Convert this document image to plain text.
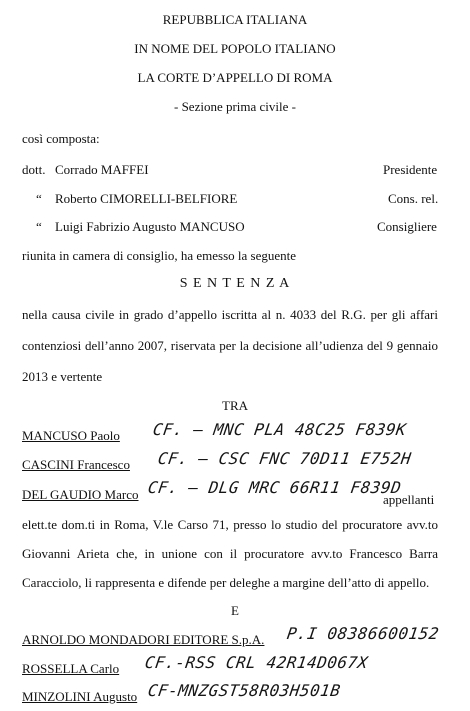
REPUBBLICA ITALIANA
IN NOME DEL POPOLO ITALIANO
LA CORTE D’APPELLO DI ROMA
- Sezione prima civile -
così composta:
dott. Corrado MAFFEI	Presidente
“ Roberto CIMORELLI-BELFIORE	Cons. rel.
“ Luigi Fabrizio Augusto MANCUSO	Consigliere
riunita in camera di consiglio, ha emesso la seguente
S E N T E N Z A
nella causa civile in grado d’appello iscritta al n. 4033 del R.G. per gli affari
contenziosi dell’anno 2007, riservata per la decisione all’udienza del 9 gennaio
2013 e vertente
TRA
MANCUSO Paolo CF. – MNC PLA 48C25 F839K
CASCINI Francesco CF. – CSC FNC 70D11 E752H
DEL GAUDIO Marco CF. – DLG MRC 66R11 F839D
appellanti
elett.te dom.ti in Roma, V.le Carso 71, presso lo studio del procuratore avv.to
Giovanni Arieta che, in unione con il procuratore avv.to Francesco Barra
Caracciolo, li rappresenta e difende per deleghe a margine dell’atto di appello.
E
ARNOLDO MONDADORI EDITORE S.p.A. P.I 08386600152
ROSSELLA Carlo CF.-RSS CRL 42R14D067X
MINZOLINI Augusto CF-MNZGST58R03H501B
